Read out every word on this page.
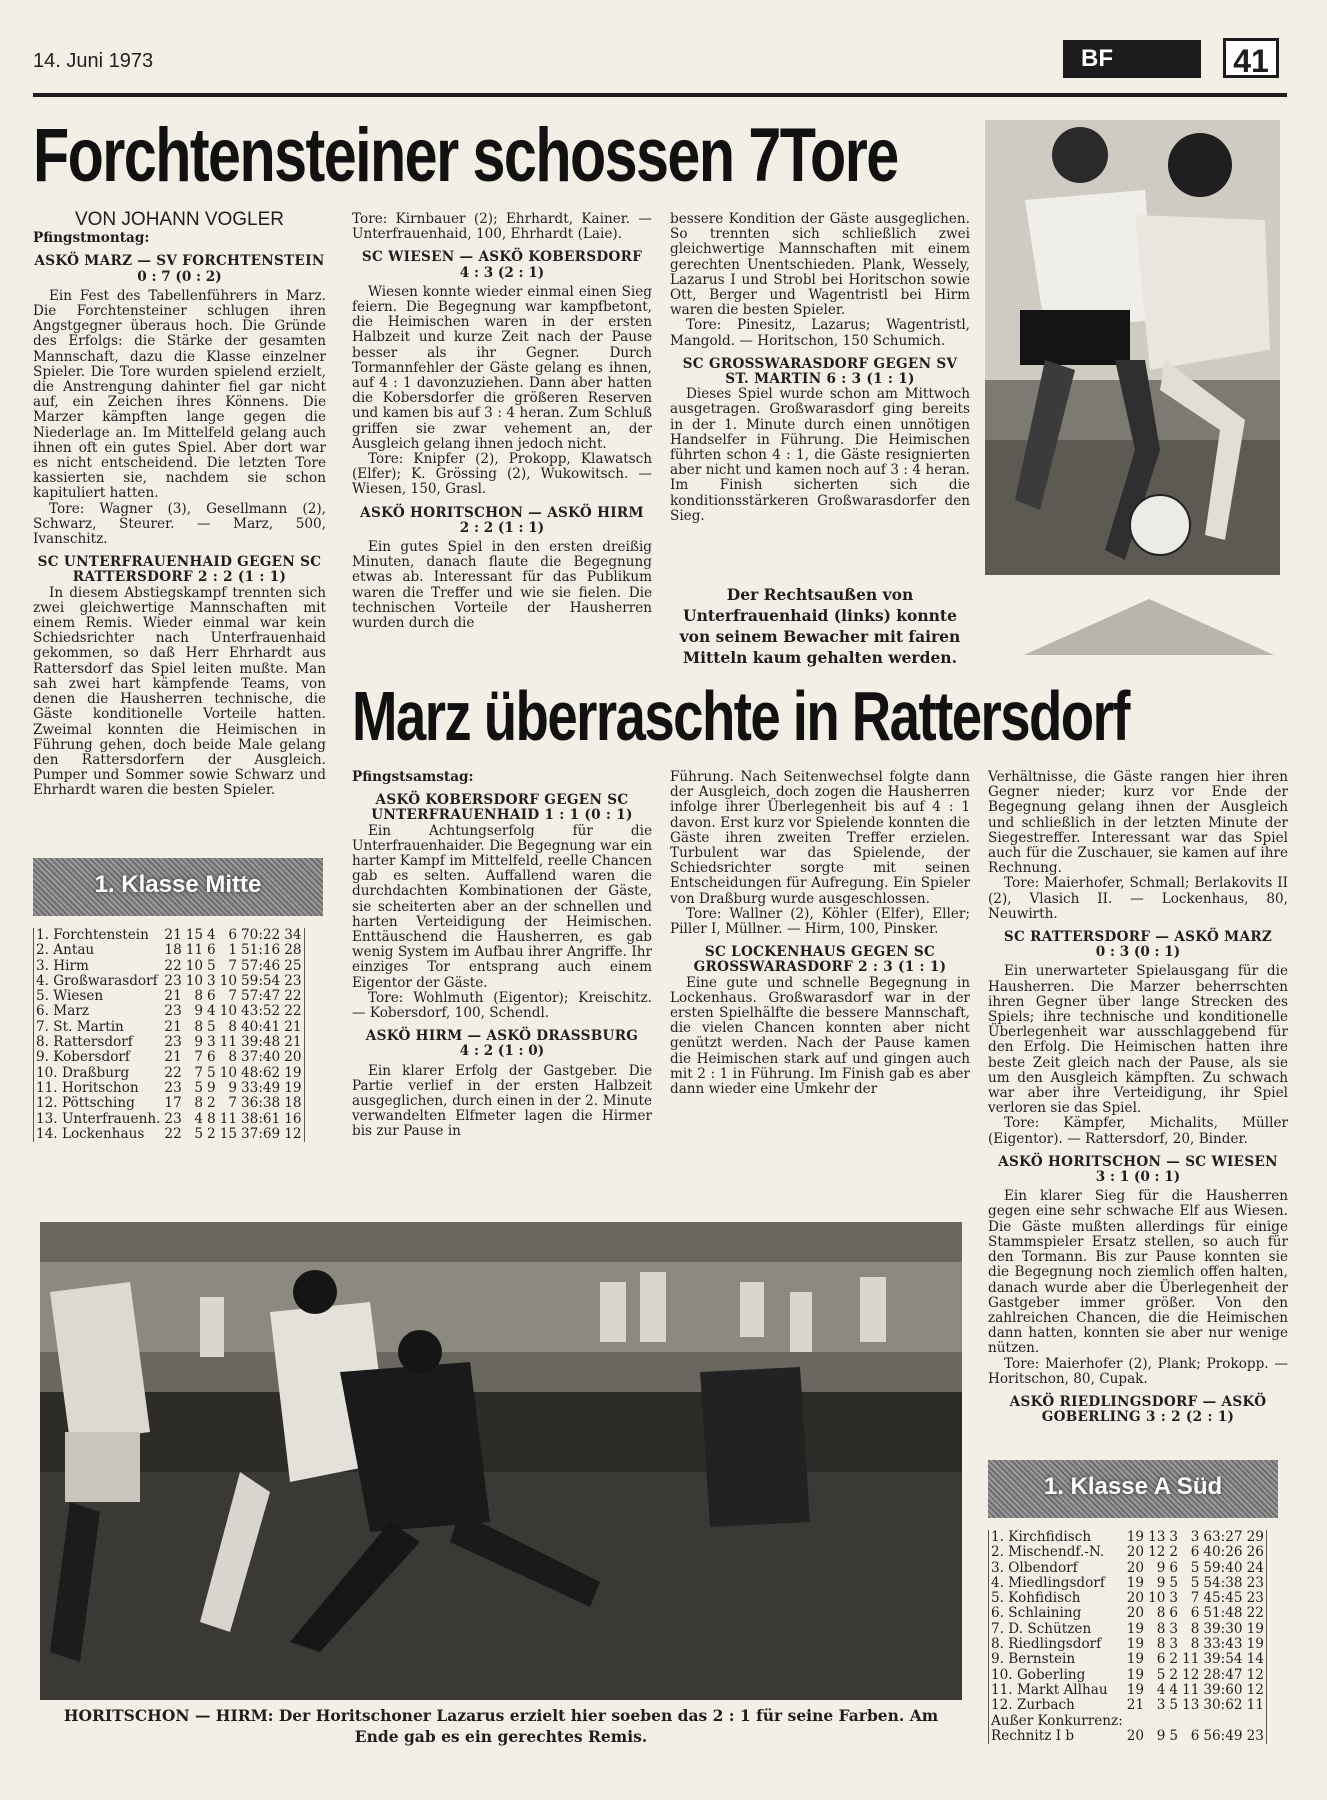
14. Juni 1973	BF	41
Forchtensteiner schossen 7Tore

VON JOHANN VOGLER

Pfingstmontag:

ASKÖ MARZ — SV FORCHTENSTEIN

0 : 7 (0 : 2)

Ein Fest des Tabellenführers in Marz. Die Forchtensteiner schlugen ihren Angstgegner überaus hoch. Die Gründe des Erfolgs: die Stärke der gesamten Mannschaft, dazu die Klasse einzelner Spieler. Die Tore wurden spielend erzielt, die Anstrengung dahinter fiel gar nicht auf, ein Zeichen ihres Könnens. Die Marzer kämpften lange gegen die Niederlage an. Im Mittelfeld gelang auch ihnen oft ein gutes Spiel. Aber dort war es nicht entscheidend. Die letzten Tore kassierten sie, nachdem sie schon kapituliert hatten.

Tore: Wagner (3), Gesellmann (2), Schwarz, Steurer. — Marz, 500, Ivanschitz.

SC UNTERFRAUENHAID GEGEN SC RATTERSDORF 2 : 2 (1 : 1)

In diesem Abstiegskampf trennten sich zwei gleichwertige Mannschaften mit einem Remis. Wieder einmal war kein Schiedsrichter nach Unterfrauenhaid gekommen, so daß Herr Ehrhardt aus Rattersdorf das Spiel leiten mußte. Man sah zwei hart kämpfende Teams, von denen die Hausherren technische, die Gäste konditionelle Vorteile hatten. Zweimal konnten die Heimischen in Führung gehen, doch beide Male gelang den Rattersdorfern der Ausgleich. Pumper und Sommer sowie Schwarz und Ehrhardt waren die besten Spieler.

1. Klasse Mitte
1. Forchtenstein	21	15	4	6	70:22	34
2. Antau	18	11	6	1	51:16	28
3. Hirm	22	10	5	7	57:46	25
4. Großwarasdorf	23	10	3	10	59:54	23
5. Wiesen	21	8	6	7	57:47	22
6. Marz	23	9	4	10	43:52	22
7. St. Martin	21	8	5	8	40:41	21
8. Rattersdorf	23	9	3	11	39:48	21
9. Kobersdorf	21	7	6	8	37:40	20
10. Draßburg	22	7	5	10	48:62	19
11. Horitschon	23	5	9	9	33:49	19
12. Pöttsching	17	8	2	7	36:38	18
13. Unterfrauenh.	23	4	8	11	38:61	16
14. Lockenhaus	22	5	2	15	37:69	12

Tore: Kirnbauer (2); Ehrhardt, Kainer. — Unterfrauenhaid, 100, Ehrhardt (Laie).

SC WIESEN — ASKÖ KOBERSDORF

4 : 3 (2 : 1)

Wiesen konnte wieder einmal einen Sieg feiern. Die Begegnung war kampfbetont, die Heimischen waren in der ersten Halbzeit und kurze Zeit nach der Pause besser als ihr Gegner. Durch Tormannfehler der Gäste gelang es ihnen, auf 4 : 1 davonzuziehen. Dann aber hatten die Kobersdorfer die größeren Reserven und kamen bis auf 3 : 4 heran. Zum Schluß griffen sie zwar vehement an, der Ausgleich gelang ihnen jedoch nicht.

Tore: Knipfer (2), Prokopp, Klawatsch (Elfer); K. Grössing (2), Wukowitsch. — Wiesen, 150, Grasl.

ASKÖ HORITSCHON — ASKÖ HIRM

2 : 2 (1 : 1)

Ein gutes Spiel in den ersten dreißig Minuten, danach flaute die Begegnung etwas ab. Interessant für das Publikum waren die Treffer und wie sie fielen. Die technischen Vorteile der Hausherren wurden durch die

bessere Kondition der Gäste ausgeglichen. So trennten sich schließlich zwei gleichwertige Mannschaften mit einem gerechten Unentschieden. Plank, Wessely, Lazarus I und Strobl bei Horitschon sowie Ott, Berger und Wagentristl bei Hirm waren die besten Spieler.

Tore: Pinesitz, Lazarus; Wagentristl, Mangold. — Horitschon, 150 Schumich.

SC GROSSWARASDORF GEGEN SV ST. MARTIN 6 : 3 (1 : 1)

Dieses Spiel wurde schon am Mittwoch ausgetragen. Großwarasdorf ging bereits in der 1. Minute durch einen unnötigen Handselfer in Führung. Die Heimischen führten schon 4 : 1, die Gäste resignierten aber nicht und kamen noch auf 3 : 4 heran. Im Finish sicherten sich die konditionsstärkeren Großwarasdorfer den Sieg.

Der Rechtsaußen von Unterfrauenhaid (links) konnte von seinem Bewacher mit fairen Mitteln kaum gehalten werden.
Marz überraschte in Rattersdorf

Pfingstsamstag:

ASKÖ KOBERSDORF GEGEN SC UNTERFRAUENHAID 1 : 1 (0 : 1)

Ein Achtungserfolg für die Unterfrauenhaider. Die Begegnung war ein harter Kampf im Mittelfeld, reelle Chancen gab es selten. Auffallend waren die durchdachten Kombinationen der Gäste, sie scheiterten aber an der schnellen und harten Verteidigung der Heimischen. Enttäuschend die Hausherren, es gab wenig System im Aufbau ihrer Angriffe. Ihr einziges Tor entsprang auch einem Eigentor der Gäste.

Tore: Wohlmuth (Eigentor); Kreischitz. — Kobersdorf, 100, Schendl.

ASKÖ HIRM — ASKÖ DRASSBURG

4 : 2 (1 : 0)

Ein klarer Erfolg der Gastgeber. Die Partie verlief in der ersten Halbzeit ausgeglichen, durch einen in der 2. Minute verwandelten Elfmeter lagen die Hirmer bis zur Pause in

Führung. Nach Seitenwechsel folgte dann der Ausgleich, doch zogen die Hausherren infolge ihrer Überlegenheit bis auf 4 : 1 davon. Erst kurz vor Spielende konnten die Gäste ihren zweiten Treffer erzielen. Turbulent war das Spielende, der Schiedsrichter sorgte mit seinen Entscheidungen für Aufregung. Ein Spieler von Draßburg wurde ausgeschlossen.

Tore: Wallner (2), Köhler (Elfer), Eller; Piller I, Müllner. — Hirm, 100, Pinsker.

SC LOCKENHAUS GEGEN SC GROSSWARASDORF 2 : 3 (1 : 1)

Eine gute und schnelle Begegnung in Lockenhaus. Großwarasdorf war in der ersten Spielhälfte die bessere Mannschaft, die vielen Chancen konnten aber nicht genützt werden. Nach der Pause kamen die Heimischen stark auf und gingen auch mit 2 : 1 in Führung. Im Finish gab es aber dann wieder eine Umkehr der

Verhältnisse, die Gäste rangen hier ihren Gegner nieder; kurz vor Ende der Begegnung gelang ihnen der Ausgleich und schließlich in der letzten Minute der Siegestreffer. Interessant war das Spiel auch für die Zuschauer, sie kamen auf ihre Rechnung.

Tore: Maierhofer, Schmall; Berlakovits II (2), Vlasich II. — Lockenhaus, 80, Neuwirth.

SC RATTERSDORF — ASKÖ MARZ

0 : 3 (0 : 1)

Ein unerwarteter Spielausgang für die Hausherren. Die Marzer beherrschten ihren Gegner über lange Strecken des Spiels; ihre technische und konditionelle Überlegenheit war ausschlaggebend für den Erfolg. Die Heimischen hatten ihre beste Zeit gleich nach der Pause, als sie um den Ausgleich kämpften. Zu schwach war aber ihre Verteidigung, ihr Spiel verloren sie das Spiel.

Tore: Kämpfer, Michalits, Müller (Eigentor). — Rattersdorf, 20, Binder.

ASKÖ HORITSCHON — SC WIESEN

3 : 1 (0 : 1)

Ein klarer Sieg für die Hausherren gegen eine sehr schwache Elf aus Wiesen. Die Gäste mußten allerdings für einige Stammspieler Ersatz stellen, so auch für den Tormann. Bis zur Pause konnten sie die Begegnung noch ziemlich offen halten, danach wurde aber die Überlegenheit der Gastgeber immer größer. Von den zahlreichen Chancen, die die Heimischen dann hatten, konnten sie aber nur wenige nützen.

Tore: Maierhofer (2), Plank; Prokopp. — Horitschon, 80, Cupak.

ASKÖ RIEDLINGSDORF — ASKÖ GOBERLING 3 : 2 (2 : 1)

1. Klasse A Süd
1. Kirchfidisch	19	13	3	3	63:27	29
2. Mischendf.-N.	20	12	2	6	40:26	26
3. Olbendorf	20	9	6	5	59:40	24
4. Miedlingsdorf	19	9	5	5	54:38	23
5. Kohfidisch	20	10	3	7	45:45	23
6. Schlaining	20	8	6	6	51:48	22
7. D. Schützen	19	8	3	8	39:30	19
8. Riedlingsdorf	19	8	3	8	33:43	19
9. Bernstein	19	6	2	11	39:54	14
10. Goberling	19	5	2	12	28:47	12
11. Markt Allhau	19	4	4	11	39:60	12
12. Zurbach	21	3	5	13	30:62	11
Außer Konkurrenz:						
Rechnitz I b	20	9	5	6	56:49	23
HORITSCHON — HIRM: Der Horitschoner Lazarus erzielt hier soeben das 2 : 1 für seine Farben. Am Ende gab es ein gerechtes Remis.
